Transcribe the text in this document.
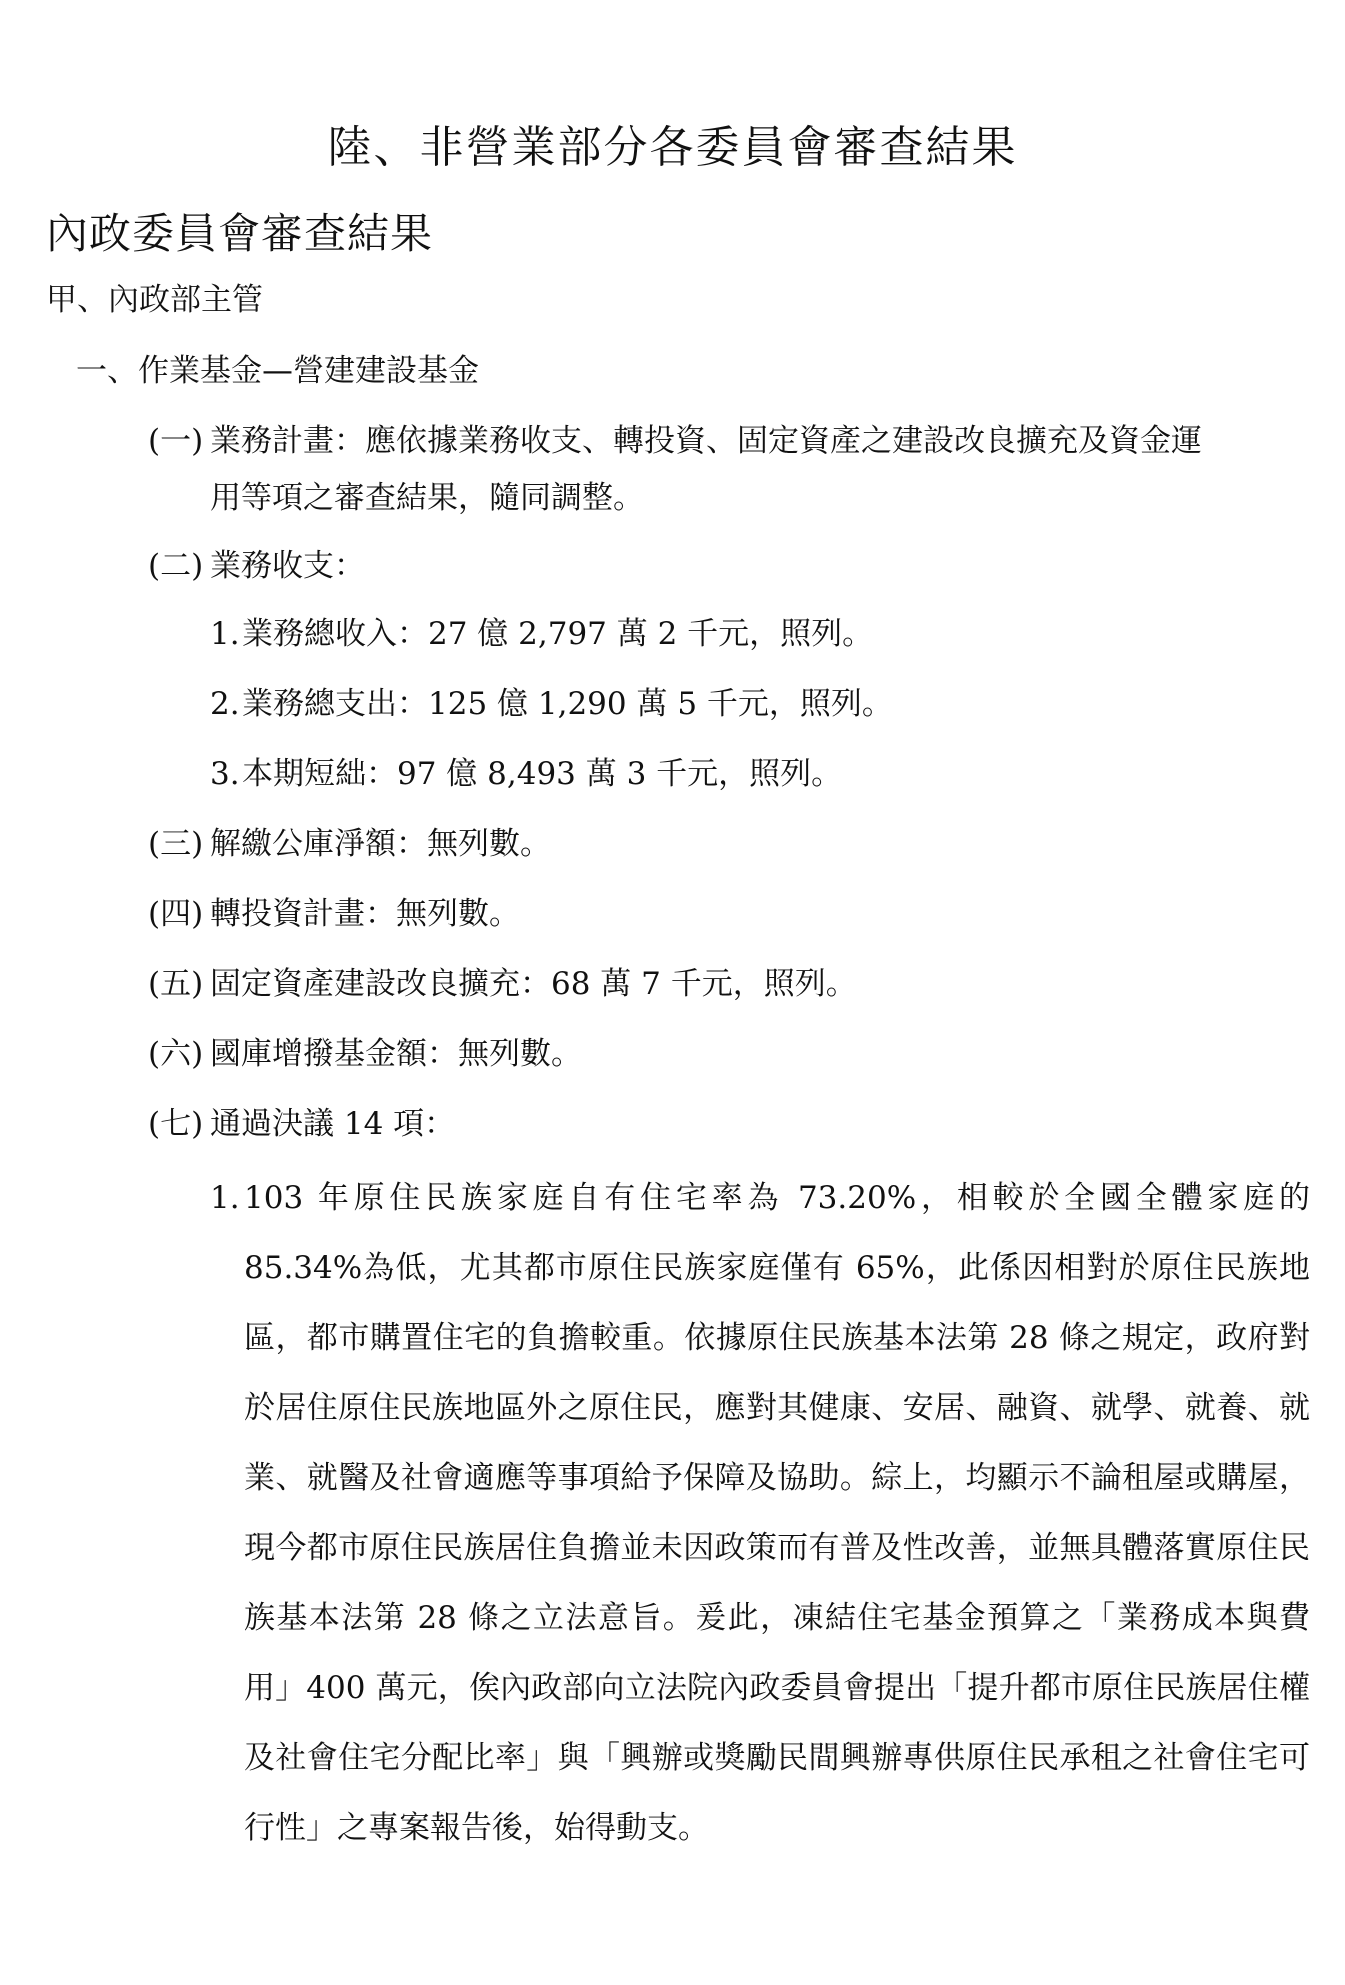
陸、非營業部分各委員會審查結果
內政委員會審查結果
甲、內政部主管
一、作業基金—營建建設基金
(一) 業務計畫：應依據業務收支、轉投資、固定資產之建設改良擴充及資金運
用等項之審查結果，隨同調整。
(二) 業務收支：
1.業務總收入：27 億 2,797 萬 2 千元，照列。
2.業務總支出：125 億 1,290 萬 5 千元，照列。
3.本期短絀：97 億 8,493 萬 3 千元，照列。
(三) 解繳公庫淨額：無列數。
(四) 轉投資計畫：無列數。
(五) 固定資產建設改良擴充：68 萬 7 千元，照列。
(六) 國庫增撥基金額：無列數。
(七) 通過決議 14 項：
1. 103 年原住民族家庭自有住宅率為 73.20%，相較於全國全體家庭的 85.34%為低，尤其都市原住民族家庭僅有 65%，此係因相對於原住民族地區，都市購置住宅的負擔較重。依據原住民族基本法第 28 條之規定，政府對於居住原住民族地區外之原住民，應對其健康、安居、融資、就學、就養、就業、就醫及社會適應等事項給予保障及協助。綜上，均顯示不論租屋或購屋，現今都市原住民族居住負擔並未因政策而有普及性改善，並無具體落實原住民族基本法第 28 條之立法意旨。爰此，凍結住宅基金預算之「業務成本與費用」400 萬元，俟內政部向立法院內政委員會提出「提升都市原住民族居住權及社會住宅分配比率」與「興辦或獎勵民間興辦專供原住民承租之社會住宅可行性」之專案報告後，始得動支。
